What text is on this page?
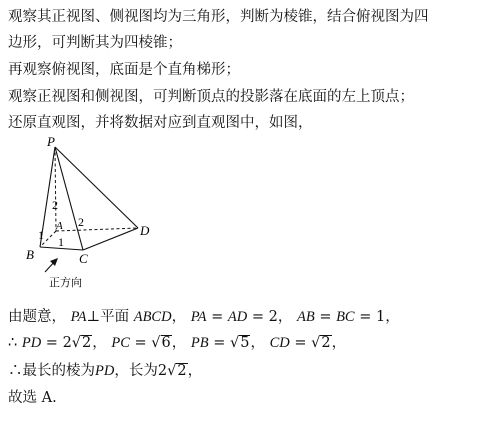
观察其正视图、侧视图均为三角形，判断为棱锥，结合俯视图为四
边形，可判断其为四棱锥；
再观察俯视图，底面是个直角梯形；
观察正视图和侧视图，可判断顶点的投影落在底面的左上顶点；
还原直观图，并将数据对应到直观图中，如图，
P
A
B	C
D
2
2
1 1
正方向
由题意， PA⊥平面 ABCD， PA = AD = 2， AB = BC = 1，
∴ PD = 2√2， PC = √6， PB = √5， CD = √2，
∴最长的棱为PD，长为2√2，
故选 A.
